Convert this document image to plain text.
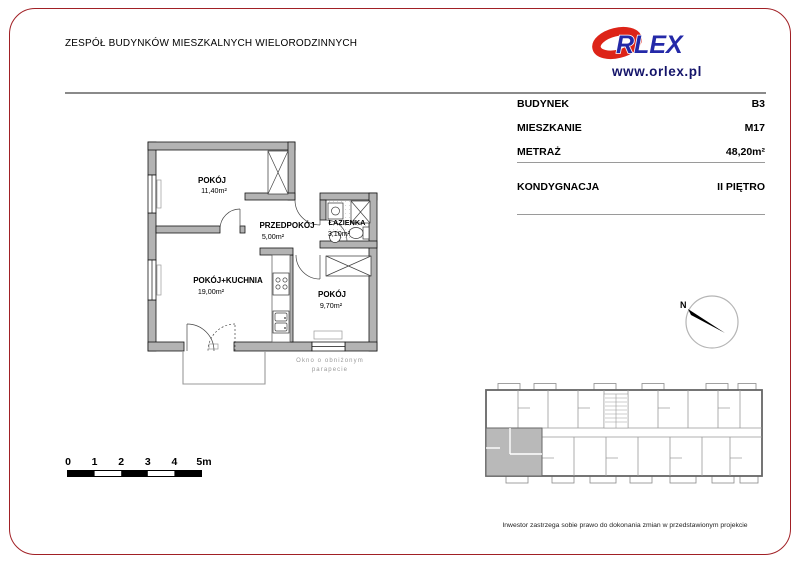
ZESPÓŁ BUDYNKÓW MIESZKALNYCH WIELORODZINNYCH	RLEX
www.orlex.pl
BUDYNEK	B3
MIESZKANIE	M17
METRAŻ	48,20m²
KONDYGNACJA	II PIĘTRO
POKÓJ
11,40m²
PRZEDPOKÓJ
5,00m²
ŁAZIENKA
3,10m²
POKÓJ+KUCHNIA
19,00m²	POKÓJ
9,70m²
Okno o obniżonym
parapecie
N
0 1 2 3 4 5m
Inwestor zastrzega sobie prawo do dokonania zmian w przedstawionym projekcie
